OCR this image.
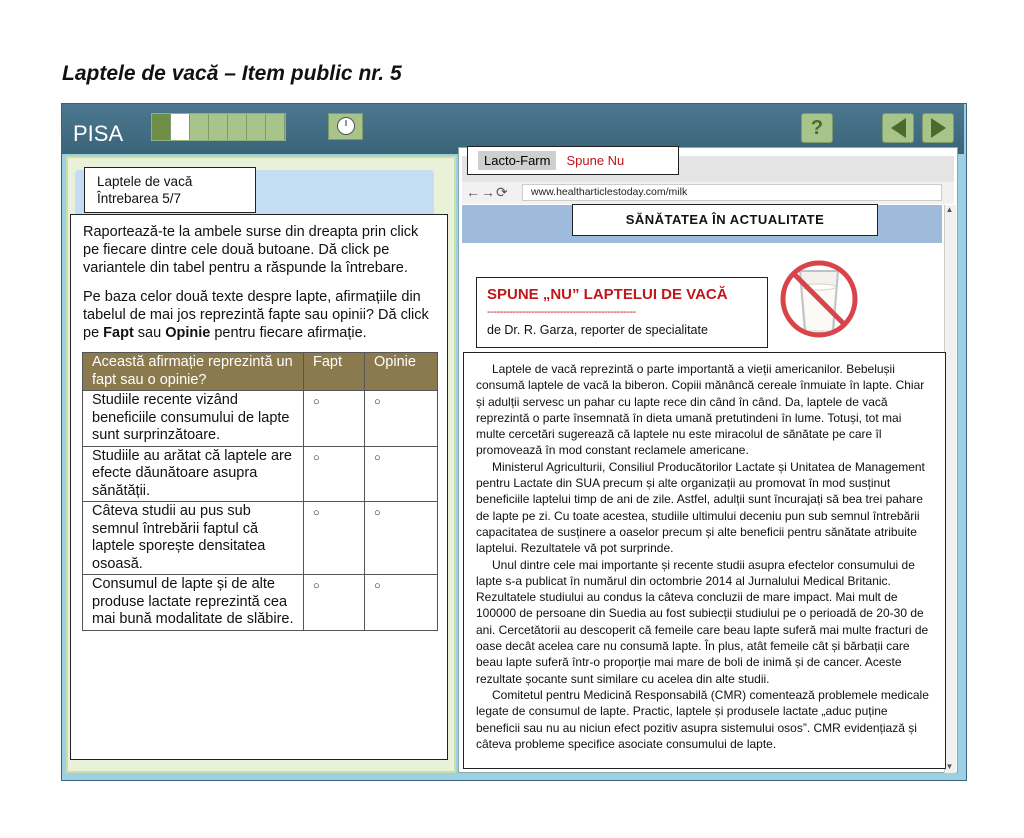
Laptele de vacă – Item public nr. 5
PISA	?
Laptele de vacă
Întrebarea 5/7

Raportează-te la ambele surse din dreapta prin click pe fiecare dintre cele două butoane. Dă click pe variantele din tabel pentru a răspunde la întrebare.

Pe baza celor două texte despre lapte, afirmațiile din tabelul de mai jos reprezintă fapte sau opinii? Dă click pe Fapt sau Opinie pentru fiecare afirmație.

Această afirmație reprezintă un fapt sau o opinie?	Fapt	Opinie
Studiile recente vizând beneficiile consumului de lapte sunt surprinzătoare.	○	○
Studiile au arătat că laptele are efecte dăunătoare asupra sănătății.	○	○
Câteva studii au pus sub semnul întrebării faptul că laptele sporește densitatea osoasă.	○	○
Consumul de lapte și de alte produse lactate reprezintă cea mai bună modalitate de slăbire.	○	○
Lacto-Farm	Spune Nu
←→⟳	www.healtharticlestoday.com/milk
SĂNĂTATEA ÎN ACTUALITATE
▲
▼
SPUNE „NU” LAPTELUI DE VACĂ
-----------------------------------------------
de Dr. R. Garza, reporter de specialitate

Laptele de vacă reprezintă o parte importantă a vieții americanilor. Bebelușii consumă laptele de vacă la biberon. Copiii mănâncă cereale înmuiate în lapte. Chiar și adulții servesc un pahar cu lapte rece din când în când. Da, laptele de vacă reprezintă o parte însemnată în dieta umană pretutindeni în lume. Totuși, tot mai multe cercetări sugerează că laptele nu este miracolul de sănătate pe care îl promovează în mod constant reclamele americane.

Ministerul Agriculturii, Consiliul Producătorilor Lactate și Unitatea de Management pentru Lactate din SUA precum și alte organizații au promovat în mod susținut beneficiile laptelui timp de ani de zile. Astfel, adulții sunt încurajați să bea trei pahare de lapte pe zi. Cu toate acestea, studiile ultimului deceniu pun sub semnul întrebării capacitatea de susținere a oaselor precum și alte beneficii pentru sănătate atribuite laptelui. Rezultatele vă pot surprinde.

Unul dintre cele mai importante și recente studii asupra efectelor consumului de lapte s-a publicat în numărul din octombrie 2014 al Jurnalului Medical Britanic. Rezultatele studiului au condus la câteva concluzii de mare impact. Mai mult de 100000 de persoane din Suedia au fost subiecții studiului pe o perioadă de 20-30 de ani. Cercetătorii au descoperit că femeile care beau lapte suferă mai multe fracturi de oase decât acelea care nu consumă lapte. În plus, atât femeile cât și bărbații care beau lapte suferă într-o proporție mai mare de boli de inimă și de cancer. Aceste rezultate șocante sunt similare cu acelea din alte studii.

Comitetul pentru Medicină Responsabilă (CMR) comentează problemele medicale legate de consumul de lapte. Practic, laptele și produsele lactate „aduc puține beneficii sau nu au niciun efect pozitiv asupra sistemului osos”. CMR evidențiază și câteva probleme specifice asociate consumului de lapte.
